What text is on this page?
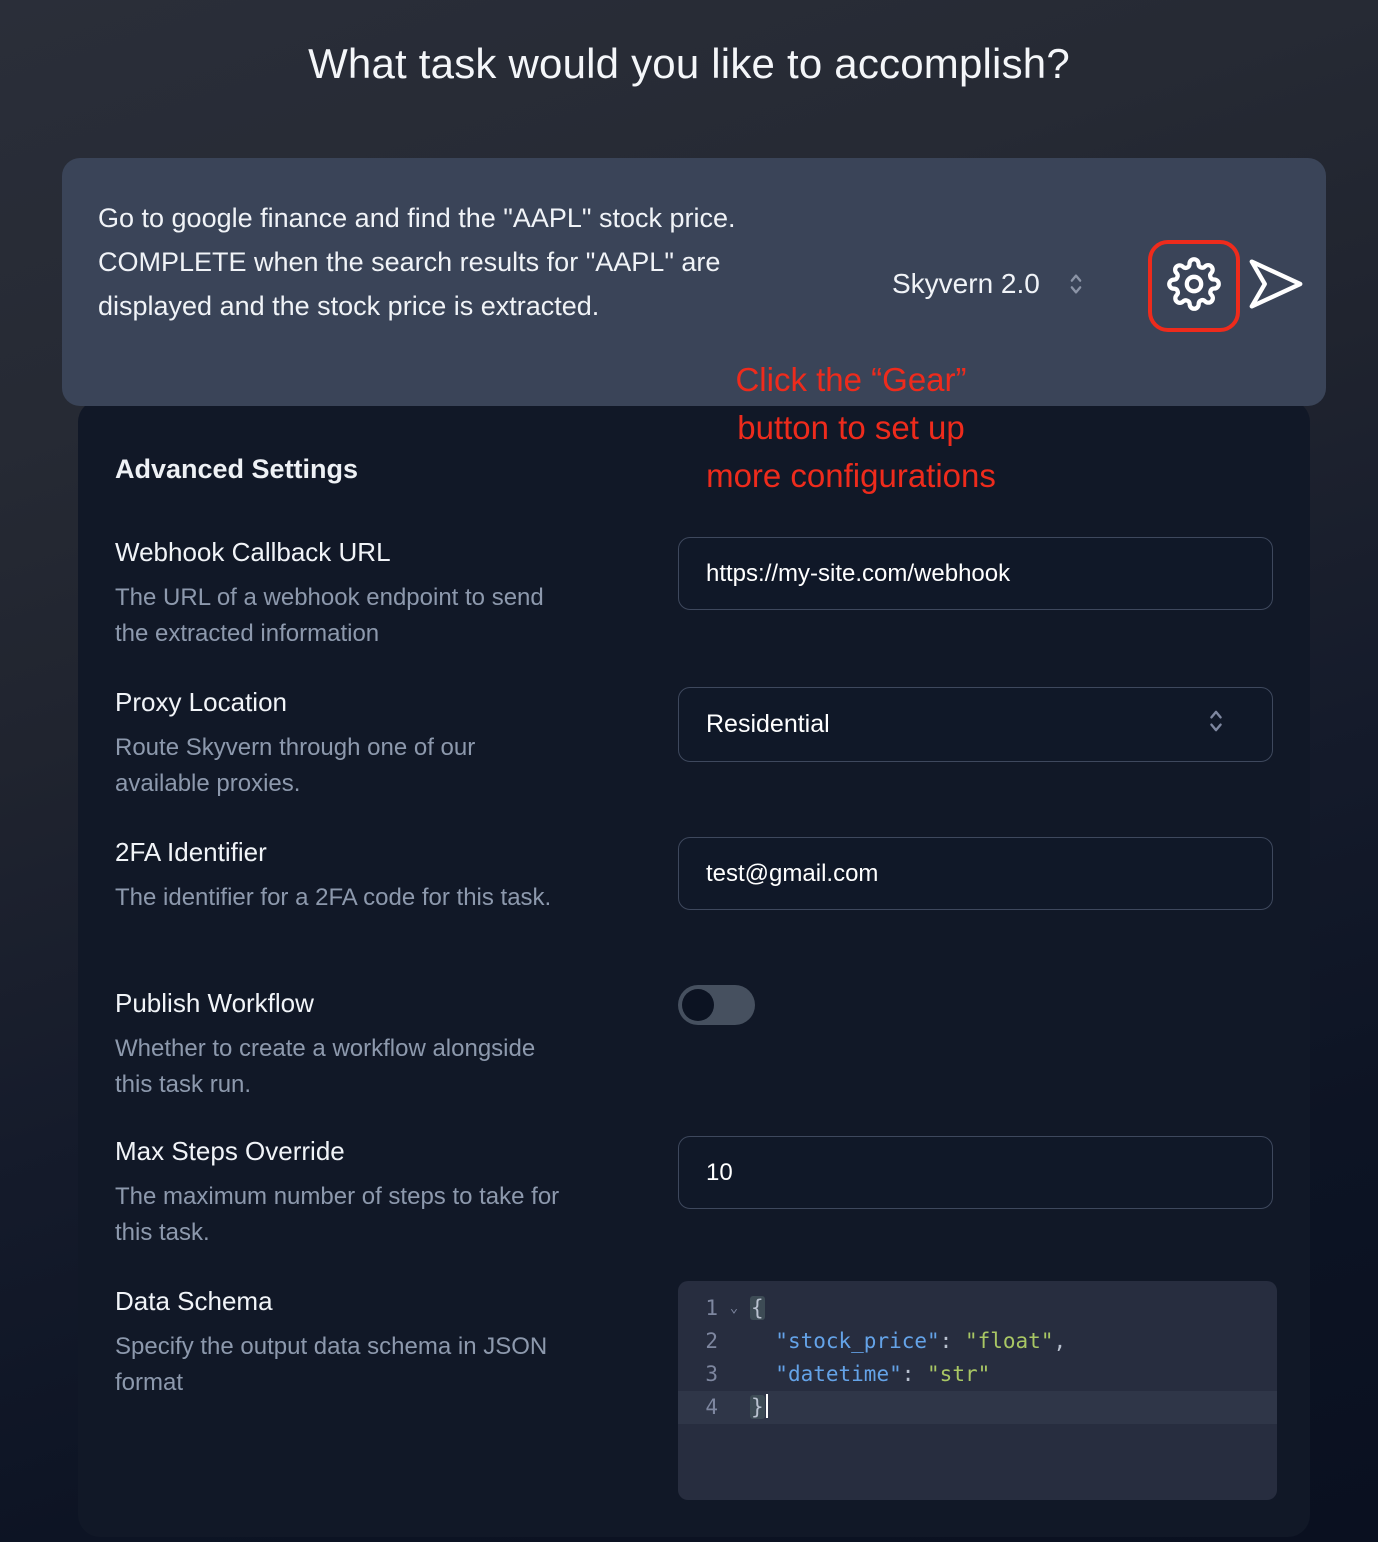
What task would you like to accomplish?
Advanced Settings
Webhook Callback URL
The URL of a webhook endpoint to send the extracted information
https://my-site.com/webhook
Proxy Location
Route Skyvern through one of our available proxies.
Residential
2FA Identifier
The identifier for a 2FA code for this task.
test@gmail.com
Publish Workflow
Whether to create a workflow alongside this task run.
Max Steps Override
The maximum number of steps to take for this task.
10
Data Schema
Specify the output data schema in JSON format
1 ⌄ {
2	"stock_price": "float",
3	"datetime": "str"
4 }
Go to google finance and find the "AAPL" stock price. COMPLETE when the search results for "AAPL" are displayed and the stock price is extracted.
Skyvern 2.0
Click the “Gear”
button to set up
more configurations
